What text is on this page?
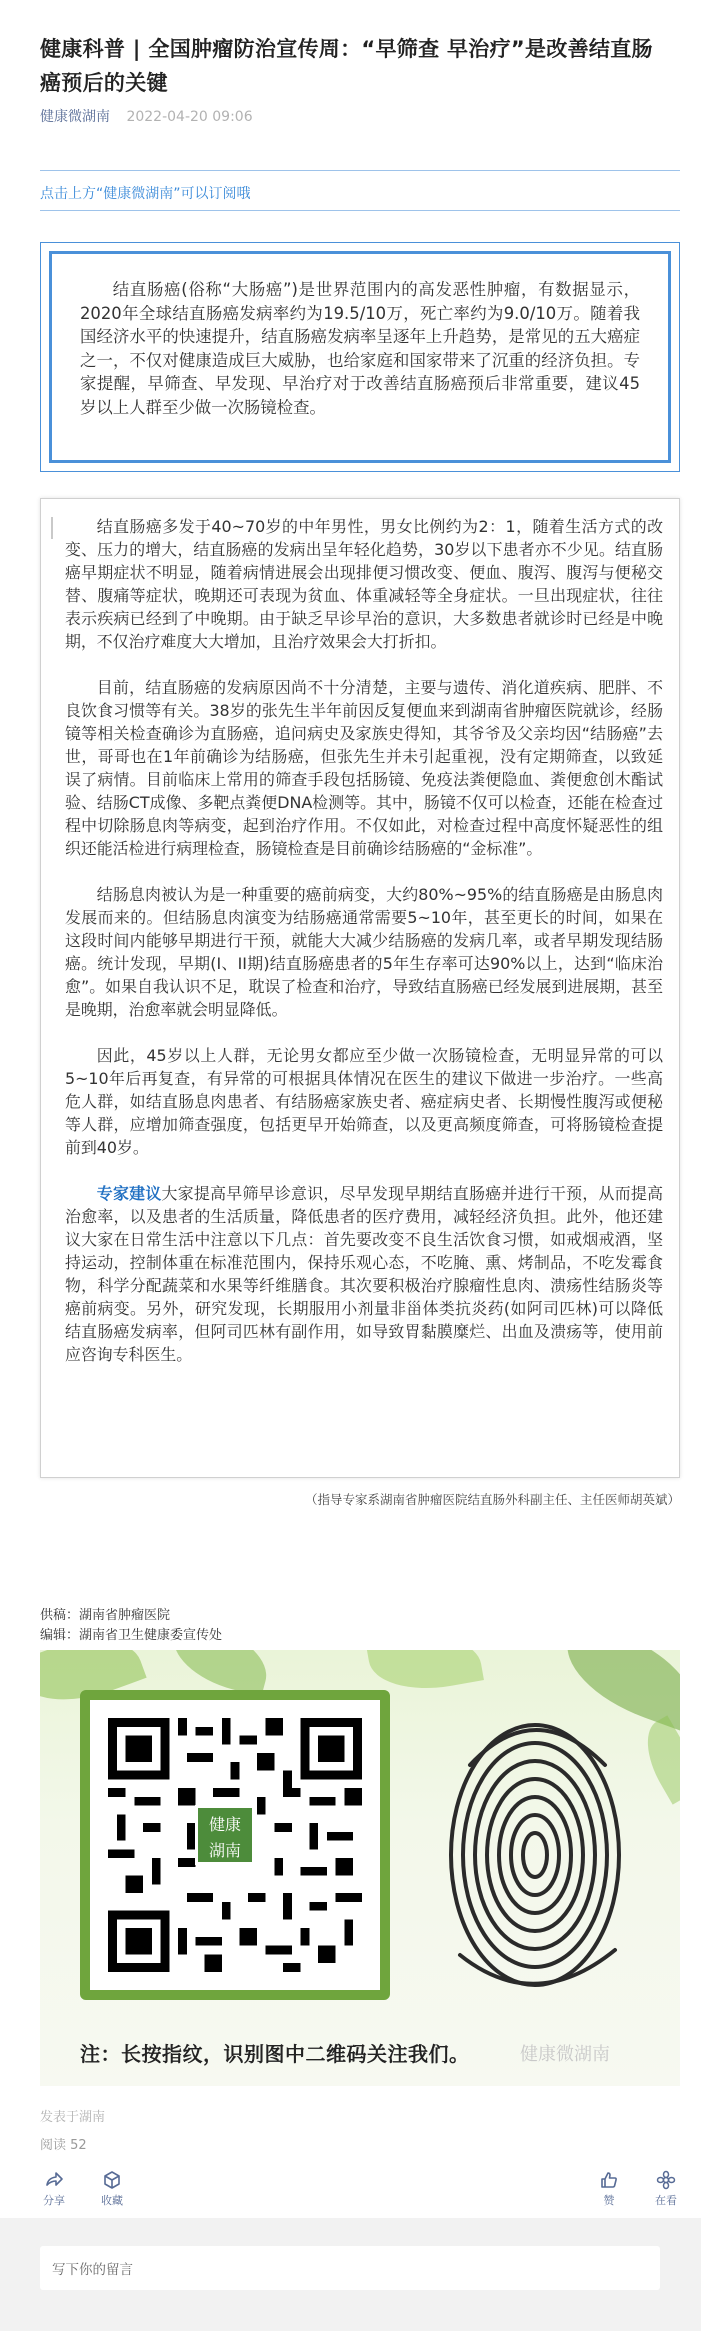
健康科普 | 全国肿瘤防治宣传周：“早筛查 早治疗”是改善结直肠癌预后的关键
健康微湖南 2022-04-20 09:06
点击上方“健康微湖南”可以订阅哦

结直肠癌(俗称“大肠癌”)是世界范围内的高发恶性肿瘤，有数据显示，2020年全球结直肠癌发病率约为19.5/10万，死亡率约为9.0/10万。随着我国经济水平的快速提升，结直肠癌发病率呈逐年上升趋势，是常见的五大癌症之一，不仅对健康造成巨大威胁，也给家庭和国家带来了沉重的经济负担。专家提醒，早筛查、早发现、早治疗对于改善结直肠癌预后非常重要，建议45岁以上人群至少做一次肠镜检查。

结直肠癌多发于40~70岁的中年男性，男女比例约为2：1，随着生活方式的改变、压力的增大，结直肠癌的发病出呈年轻化趋势，30岁以下患者亦不少见。结直肠癌早期症状不明显，随着病情进展会出现排便习惯改变、便血、腹泻、腹泻与便秘交替、腹痛等症状，晚期还可表现为贫血、体重减轻等全身症状。一旦出现症状，往往表示疾病已经到了中晚期。由于缺乏早诊早治的意识，大多数患者就诊时已经是中晚期，不仅治疗难度大大增加，且治疗效果会大打折扣。

目前，结直肠癌的发病原因尚不十分清楚，主要与遗传、消化道疾病、肥胖、不良饮食习惯等有关。38岁的张先生半年前因反复便血来到湖南省肿瘤医院就诊，经肠镜等相关检查确诊为直肠癌，追问病史及家族史得知，其爷爷及父亲均因“结肠癌”去世，哥哥也在1年前确诊为结肠癌，但张先生并未引起重视，没有定期筛查，以致延误了病情。目前临床上常用的筛查手段包括肠镜、免疫法粪便隐血、粪便愈创木酯试验、结肠CT成像、多靶点粪便DNA检测等。其中，肠镜不仅可以检查，还能在检查过程中切除肠息肉等病变，起到治疗作用。不仅如此，对检查过程中高度怀疑恶性的组织还能活检进行病理检查，肠镜检查是目前确诊结肠癌的“金标准”。

结肠息肉被认为是一种重要的癌前病变，大约80%~95%的结直肠癌是由肠息肉发展而来的。但结肠息肉演变为结肠癌通常需要5~10年，甚至更长的时间，如果在这段时间内能够早期进行干预，就能大大减少结肠癌的发病几率，或者早期发现结肠癌。统计发现，早期(I、II期)结直肠癌患者的5年生存率可达90%以上，达到“临床治愈”。如果自我认识不足，耽误了检查和治疗，导致结直肠癌已经发展到进展期，甚至是晚期，治愈率就会明显降低。

因此，45岁以上人群，无论男女都应至少做一次肠镜检查，无明显异常的可以5~10年后再复查，有异常的可根据具体情况在医生的建议下做进一步治疗。一些高危人群，如结直肠息肉患者、有结肠癌家族史者、癌症病史者、长期慢性腹泻或便秘等人群，应增加筛查强度，包括更早开始筛查，以及更高频度筛查，可将肠镜检查提前到40岁。

专家建议大家提高早筛早诊意识，尽早发现早期结直肠癌并进行干预，从而提高治愈率，以及患者的生活质量，降低患者的医疗费用，减轻经济负担。此外，他还建议大家在日常生活中注意以下几点：首先要改变不良生活饮食习惯，如戒烟戒酒，坚持运动，控制体重在标准范围内，保持乐观心态，不吃腌、熏、烤制品，不吃发霉食物，科学分配蔬菜和水果等纤维膳食。其次要积极治疗腺瘤性息肉、溃疡性结肠炎等癌前病变。另外，研究发现，长期服用小剂量非甾体类抗炎药(如阿司匹林)可以降低结直肠癌发病率，但阿司匹林有副作用，如导致胃黏膜糜烂、出血及溃疡等，使用前应咨询专科医生。

（指导专家系湖南省肿瘤医院结直肠外科副主任、主任医师胡英斌）
供稿：湖南省肿瘤医院
编辑：湖南省卫生健康委宣传处
健康
湖南
注：长按指纹，识别图中二维码关注我们。	健康微湖南
发表于湖南
阅读 52
分享	收藏	赞	在看
写下你的留言
